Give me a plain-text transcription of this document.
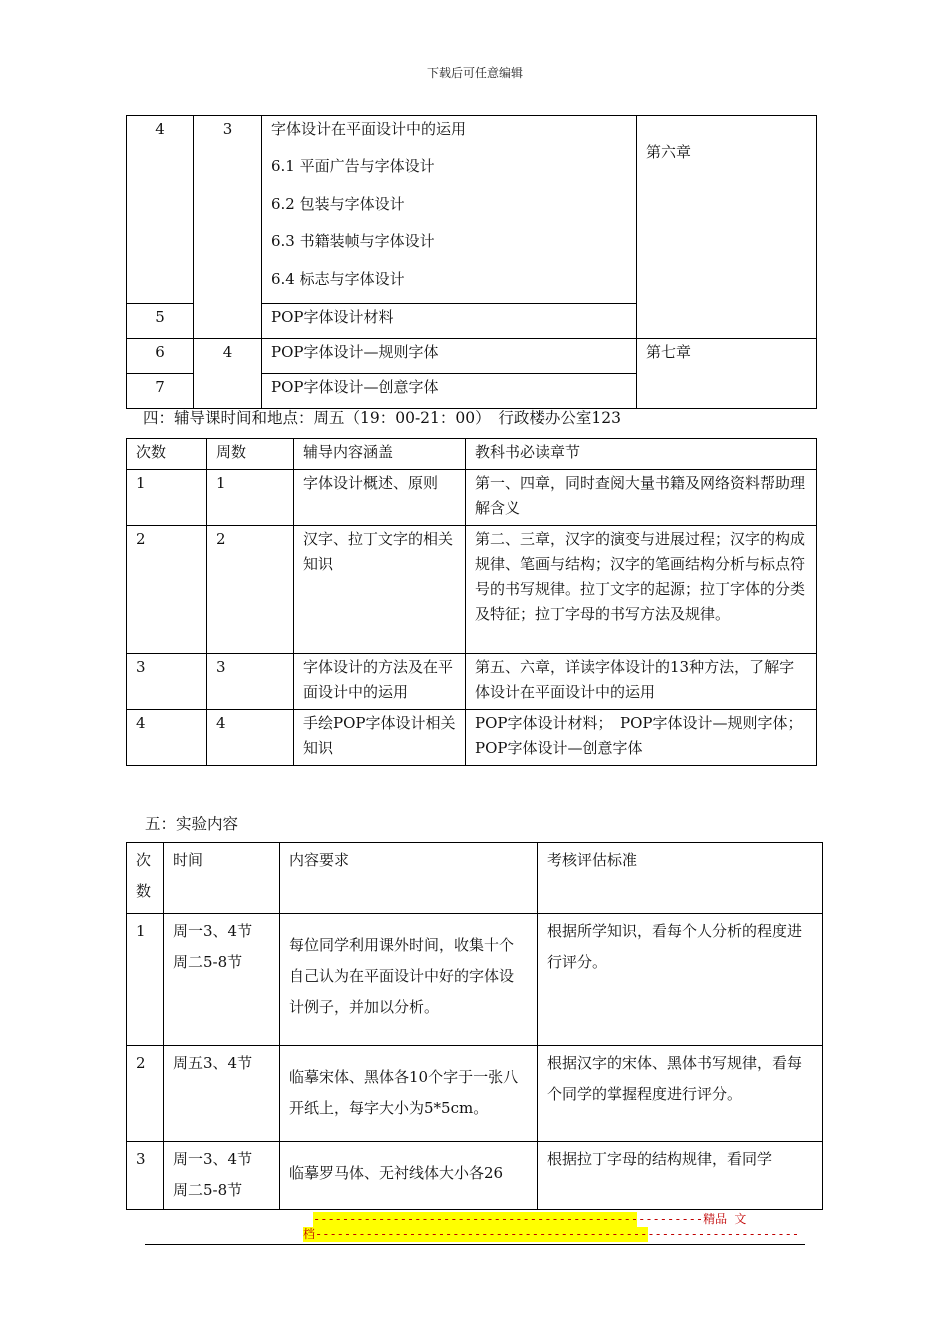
下载后可任意编辑
4	3	字体设计在平面设计中的运用
6.1 平面广告与字体设计
6.2 包装与字体设计
6.3 书籍装帧与字体设计
6.4 标志与字体设计	第六章

5		POP字体设计材料	

6	4	POP字体设计—规则字体	第七章

7		POP字体设计—创意字体	
四：辅导课时间和地点：周五（19：00-21：00）　行政楼办公室123
次数	周数	辅导内容涵盖	教科书必读章节
1	1	字体设计概述、原则	第一、四章，同时查阅大量书籍及网络资料帮助理解含义
2	2	汉字、拉丁文字的相关知识	第二、三章，汉字的演变与进展过程；汉字的构成规律、笔画与结构；汉字的笔画结构分析与标点符号的书写规律。拉丁文字的起源；拉丁字体的分类及特征；拉丁字母的书写方法及规律。
3	3	字体设计的方法及在平面设计中的运用	第五、六章，详读字体设计的13种方法，了解字体设计在平面设计中的运用
4	4	手绘POP字体设计相关知识	POP字体设计材料；　POP字体设计—规则字体；POP字体设计—创意字体
五：实验内容
次数	时间	内容要求	考核评估标准
1	周一3、4节
周二5-8节	每位同学利用课外时间，收集十个自己认为在平面设计中好的字体设计例子，并加以分析。	根据所学知识，看每个人分析的程度进行评分。
2	周五3、4节	临摹宋体、黑体各10个字于一张八开纸上，每字大小为5*5cm。	根据汉字的宋体、黑体书写规律，看每个同学的掌握程度进行评分。
3	周一3、4节
周二5-8节	临摹罗马体、无衬线体大小各26	根据拉丁字母的结构规律，看同学
------------------------------------------------------精品 文
档-------------------------------------------------------------------
